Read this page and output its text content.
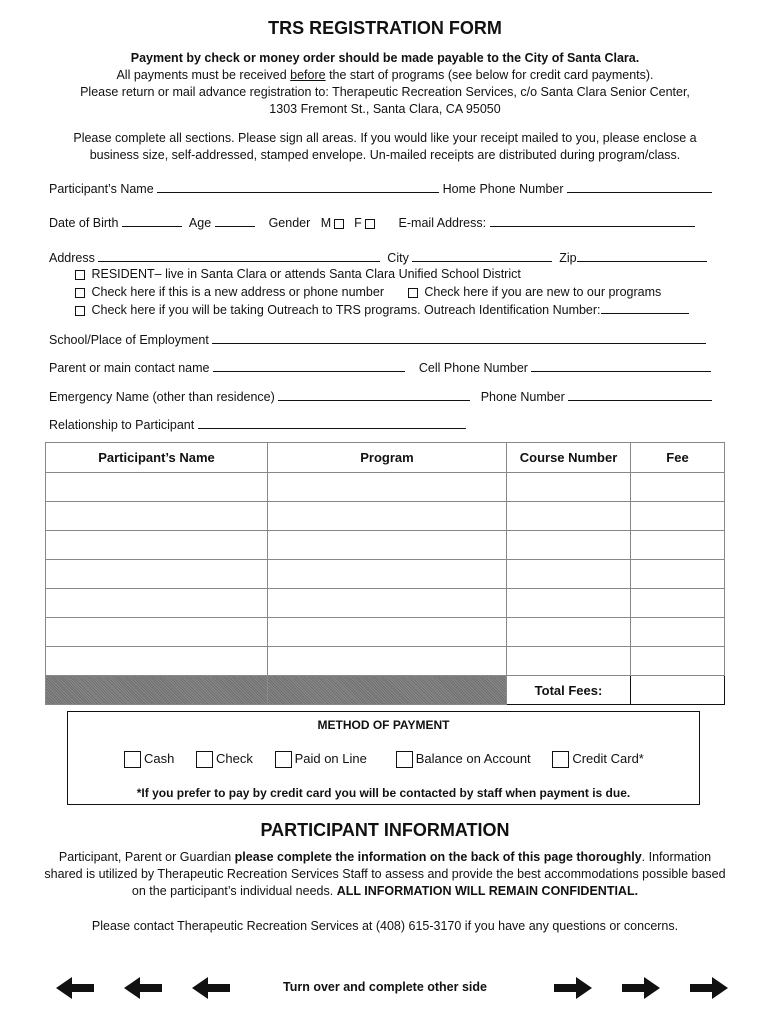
TRS REGISTRATION FORM
Payment by check or money order should be made payable to the City of Santa Clara.
All payments must be received before the start of programs (see below for credit card payments).
Please return or mail advance registration to: Therapeutic Recreation Services, c/o Santa Clara Senior Center,
1303 Fremont St., Santa Clara, CA 95050
Please complete all sections. Please sign all areas. If you would like your receipt mailed to you, please enclose a
business size, self-addressed, stamped envelope. Un-mailed receipts are distributed during program/class.
Participant’s Name	Home Phone Number
Date of Birth	Age	Gender M F	E-mail Address:
Address	City	Zip
RESIDENT– live in Santa Clara or attends Santa Clara Unified School District
Check here if this is a new address or phone number	Check here if you are new to our programs
Check here if you will be taking Outreach to TRS programs. Outreach Identification Number:
School/Place of Employment
Parent or main contact name	Cell Phone Number
Emergency Name (other than residence)	Phone Number
Relationship to Participant
Participant’s Name	Program	Course Number	Fee

		Total Fees:	
METHOD OF PAYMENT
Cash	Check	Paid on Line	Balance on Account	Credit Card*
*If you prefer to pay by credit card you will be contacted by staff when payment is due.
PARTICIPANT INFORMATION
Participant, Parent or Guardian please complete the information on the back of this page thoroughly. Information
shared is utilized by Therapeutic Recreation Services Staff to assess and provide the best accommodations possible based
on the participant’s individual needs. ALL INFORMATION WILL REMAIN CONFIDENTIAL.
Please contact Therapeutic Recreation Services at (408) 615-3170 if you have any questions or concerns.
Turn over and complete other side
